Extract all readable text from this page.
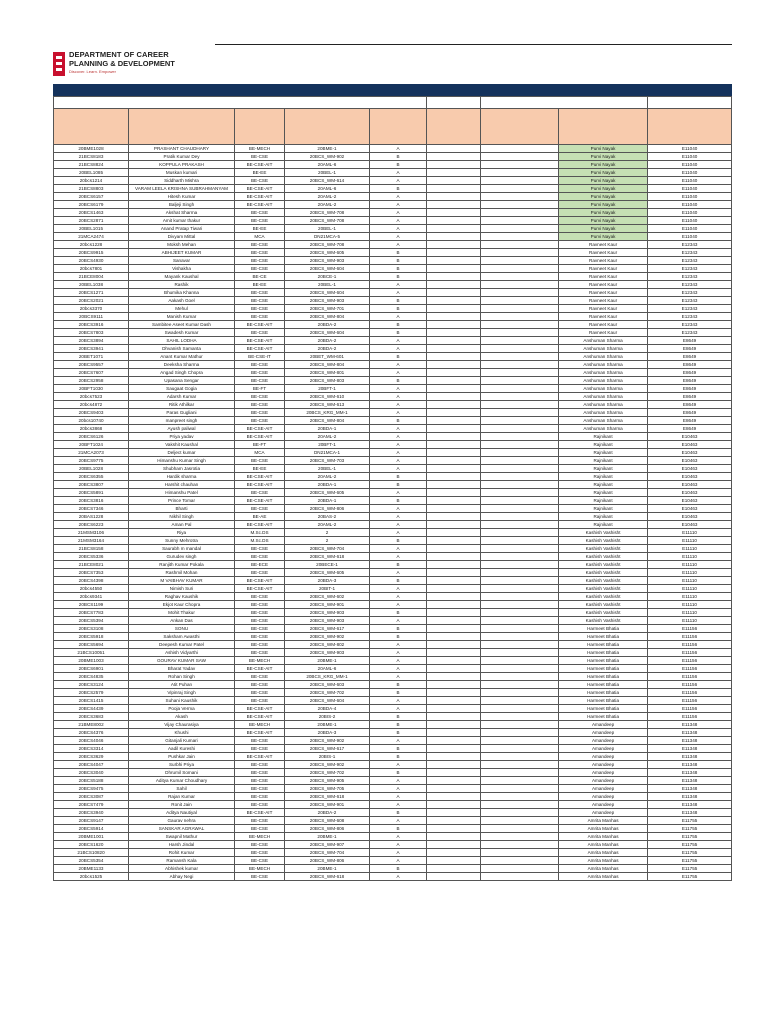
DEPARTMENT OF CAREER
PLANNING & DEVELOPMENT
Discover. Learn. Empower

20BME1028	PRASHANT CHAUDHARY	BE-MECH	20BME-1	A			Purvi Nayak	E11040
21BCS8183	Pratik Kumar Dey	BE-CSE	20BCS_WM-902	B			Purvi Nayak	E11040
21BCS8824	KOPPULA PRAKASH	BE-CSE-AIT	20AML-6	B			Purvi Nayak	E11040
20BEL1085	Muskan kumari	BE-EE	20BEL-1	A			Purvi Nayak	E11040
20bcs1214	Siddharth Mishra	BE-CSE	20BCS_WM-614	A			Purvi Nayak	E11040
21BCS8803	VARAM LEELA KRISHNA SUBRAHMANYAM	BE-CSE-AIT	20AML-6	B			Purvi Nayak	E11040
20BCS6157	Hitesh Kumar	BE-CSE-AIT	20AML-2	A			Purvi Nayak	E11040
20BCS6179	Baljeji Singh	BE-CSE-AIT	20AML-2	A			Purvi Nayak	E11040
20BCS1463	Akshat Sharma	BE-CSE	20BCS_WM-708	A			Purvi Nayak	E11040
20BCS2871	Amit kumar thakur	BE-CSE	20BCS_WM-708	A			Purvi Nayak	E11040
20BEL1015	Anand Pratap Tiwari	BE-EE	20BEL-1	A			Purvi Nayak	E11040
21MCA2474	Divyam Mittal	MCA	DN21MCA-5	A			Purvi Nayak	E11040
20bcs1228	Moksh Mehan	BE-CSE	20BCS_WM-708	A			Ravneet Kaur	E12343
20BCS9915	ABHIJEET KUMAR	BE-CSE	20BCS_WM-605	B			Ravneet Kaur	E12343
20BCS4930	Sanavar	BE-CSE	20BCS_WM-903	B			Ravneet Kaur	E12343
20bcs7801	Vishakha	BE-CSE	20BCS_WM-604	B			Ravneet Kaur	E12343
21BCE8004	Mayank Kaushal	BE-CE	20BCE-1	B			Ravneet Kaur	E12343
20BEL1038	Rashik	BE-EE	20BEL-1	A			Ravneet Kaur	E12343
20BCS1271	Bhumika Khanna	BE-CSE	20BCS_WM-604	A			Ravneet Kaur	E12343
20BCS2021	Aakash Goel	BE-CSE	20BCS_WM-903	B			Ravneet Kaur	E12343
20bcs3370	Mehul	BE-CSE	20BCS_WM-701	B			Ravneet Kaur	E12343
20BCS9111	Manish Kumar	BE-CSE	20BCS_WM-804	A			Ravneet Kaur	E12343
20BCS3916	Sambitee Aseet Kumar Dash	BE-CSE-AIT	20BDA-2	B			Ravneet Kaur	E12343
20BCS7803	Swadesh Kumar	BE-CSE	20BCS_WM-604	B			Ravneet Kaur	E12343
20BCS3894	SAHIL LODHA	BE-CSE-AIT	20BDA-2	A			Anshuman Sharma	E8649
20BCS3941	Dhvanish Samanta	BE-CSE-AIT	20BDA-2	A			Anshuman Sharma	E8649
20BET1071	Anant Kumar Mathur	BE-CSE-IT	20BET_WM-601	B			Anshuman Sharma	E8649
20BCS9557	Deeksha Sharma	BE-CSE	20BCS_WM-804	A			Anshuman Sharma	E8649
20BCS7607	Angad Singh Chopra	BE-CSE	20BCS_WM-801	A			Anshuman Sharma	E8649
20BCS2958	Upasana Sengar	BE-CSE	20BCS_WM-803	B			Anshuman Sharma	E8649
20BFT1030	Saugaat Gogia	BE-FT	20BFT-1	A			Anshuman Sharma	E8649
20bcs7523	Adarsh Kumar	BE-CSE	20BCS_WM-610	A			Anshuman Sharma	E8649
20bcs4872	Ritik Athilkar	BE-CSE	20BCS_WM-613	A			Anshuman Sharma	E8649
20BCS9403	Paras Gugliani	BE-CSE	20BCS_KRG_MM-1	A			Anshuman Sharma	E8649
20bcs10740	manpreet singh	BE-CSE	20BCS_WM-804	B			Anshuman Sharma	E8649
20bcs3868	Ayush paliwal	BE-CSE-AIT	20BDA-1	A			Anshuman Sharma	E8649
20BCS6126	Priya yadav	BE-CSE-AIT	20AML-2	A			Rajnikant	E10463
20BFT1024	Vakshit Kaushal	BE-FT	20BFT-1	A			Rajnikant	E10463
21MCA2073	Delject kumar	MCA	DN21MCA-1	A			Rajnikant	E10463
20BCS9775	Himanshu Kumar Singh	BE-CSE	20BCS_WM-703	A			Rajnikant	E10463
20BEL1028	Shubham Jasrotia	BE-EE	20BEL-1	A			Rajnikant	E10463
20BCS6355	Hardik sharma	BE-CSE-AIT	20AML-2	B			Rajnikant	E10463
20BCS3807	Harshit chauhan	BE-CSE-AIT	20BDA-1	B			Rajnikant	E10463
20BCS5891	Himanshu Patel	BE-CSE	20BCS_WM-605	A			Rajnikant	E10463
20BCS3816	Prince Tomar	BE-CSE-AIT	20BDA-1	B			Rajnikant	E10463
20BCS7346	Bharti	BE-CSE	20BCS_WM-806	A			Rajnikant	E10463
20BAS1228	Nikhil Singh	BE-AE	20BAS-2	A			Rajnikant	E10463
20BCS6223	Aman Pal	BE-CSE-AIT	20AML-2	A			Rajnikant	E10463
21MSM3106	Riya	M.Sc.DS	2	A			Kashish Vashisht	E11110
21MSM3164	Sunny Mehrotra	M.Sc.DS	2	B			Kashish Vashisht	E11110
21BCS8158	Saurabh m mandal	BE-CSE	20BCS_WM-704	A			Kashish Vashisht	E11110
20BCS5336	Gurudev singh	BE-CSE	20BCS_WM-618	A			Kashish Vashisht	E11110
21BCE8021	Ranjith Kumar Pokala	BE-ECE	20BECE-1	B			Kashish Vashisht	E11110
20BCS7353	Rashmil Mohan	BE-CSE	20BCS_WM-605	A			Kashish Vashisht	E11110
20BCS4398	M VAIBHAV KUMAR	BE-CSE-AIT	20BDA-3	B			Kashish Vashisht	E11110
20bcs4550	Nimish Suri	BE-CSE-AIT	20BIT-1	A			Kashish Vashisht	E11110
20bcs9341	Raghav Kaushik	BE-CSE	20BCS_WM-602	A			Kashish Vashisht	E11110
20BCS1199	Ekjot Kaur Chopra	BE-CSE	20BCS_WM-901	A			Kashish Vashisht	E11110
20BCS7783	Mohit Thakur	BE-CSE	20BCS_WM-903	B			Kashish Vashisht	E11110
20BCS5394	Ankan Das	BE-CSE	20BCS_WM-903	A			Kashish Vashisht	E11110
20BCS3108	SONU	BE-CSE	20BCS_WM-617	B			Harmeet Bhatia	E11156
20BCS5918	Saksham Awasthi	BE-CSE	20BCS_WM-902	B			Harmeet Bhatia	E11156
20BCS5694	Deepesh Kumar Patel	BE-CSE	20BCS_WM-802	A			Harmeet Bhatia	E11156
21BCS10051	Ashish Vidyarthi	BE-CSE	20BCS_WM-903	A			Harmeet Bhatia	E11156
20BME1003	GOURAV KUMAR SAW	BE-MECH	20BME-1	A			Harmeet Bhatia	E11156
20BCS6901	Bharat Yadav	BE-CSE-AIT	20AML-6	A			Harmeet Bhatia	E11156
20BCS4835	Rohan Singh	BE-CSE	20BCS_KRG_MM-1	A			Harmeet Bhatia	E11156
20BCS3124	Atit Puhan	BE-CSE	20BCS_WM-603	B			Harmeet Bhatia	E11156
20BCS2579	Vipinraj Singh	BE-CSE	20BCS_WM-702	B			Harmeet Bhatia	E11156
20BCS1415	Suhani Kaushik	BE-CSE	20BCS_WM-604	A			Harmeet Bhatia	E11156
20BCS4439	Pooja Verma	BE-CSE-AIT	20BDA-4	A			Harmeet Bhatia	E11156
20BCS3683	Akash	BE-CSE-AIT	20BIS-2	B			Harmeet Bhatia	E11156
21BME8002	Vijay Chaurasiya	BE-MECH	20BME-1	B			Amandeep	E11348
20BCS4376	Khushi	BE-CSE-AIT	20BDA-3	B			Amandeep	E11348
20BCS4046	Gitanjali Kumari	BE-CSE	20BCS_WM-902	A			Amandeep	E11348
20BCS3314	Aadil Kureshi	BE-CSE	20BCS_WM-617	B			Amandeep	E11348
20BCS3629	Pushkar Jain	BE-CSE-AIT	20BIS-1	B			Amandeep	E11348
20BCS4047	Surbhi Priya	BE-CSE	20BCS_WM-902	A			Amandeep	E11348
20BCS3040	Dhrumil Somani	BE-CSE	20BCS_WM-702	B			Amandeep	E11348
20BCS5188	Aditya Kumar Choudhary	BE-CSE	20BCS_WM-905	A			Amandeep	E11348
20BCS9475	Sahil	BE-CSE	20BCS_WM-705	A			Amandeep	E11348
20BCS3087	Rajan Kumar	BE-CSE	20BCS_WM-618	A			Amandeep	E11348
20BCS7479	Ronit Jain	BE-CSE	20BCS_WM-901	A			Amandeep	E11348
20BCS3940	Aditya Nautiyal	BE-CSE-AIT	20BDA-2	B			Amandeep	E11348
20BCS9147	Gaurav nehra	BE-CSE	20BCS_WM-608	A			Amrita Manhas	E11755
20BCS5914	SANSKAR AGRAWAL	BE-CSE	20BCS_WM-806	B			Amrita Manhas	E11755
20BME1001	Swapnil Mathur	BE-MECH	20BME-1	A			Amrita Manhas	E11755
20BCS1620	Harsh Jindal	BE-CSE	20BCS_WM-907	A			Amrita Manhas	E11755
21BCS10820	Rohit Kumar	BE-CSE	20BCS_WM-704	A			Amrita Manhas	E11755
20BCS5354	Ramansh Kala	BE-CSE	20BCS_WM-806	A			Amrita Manhas	E11755
20BME1133	Abhishek kumar	BE-MECH	20BME-1	B			Amrita Manhas	E11755
20bcs1525	Abhay Negi	BE-CSE	20BCS_WM-618	A			Amrita Manhas	E11755
